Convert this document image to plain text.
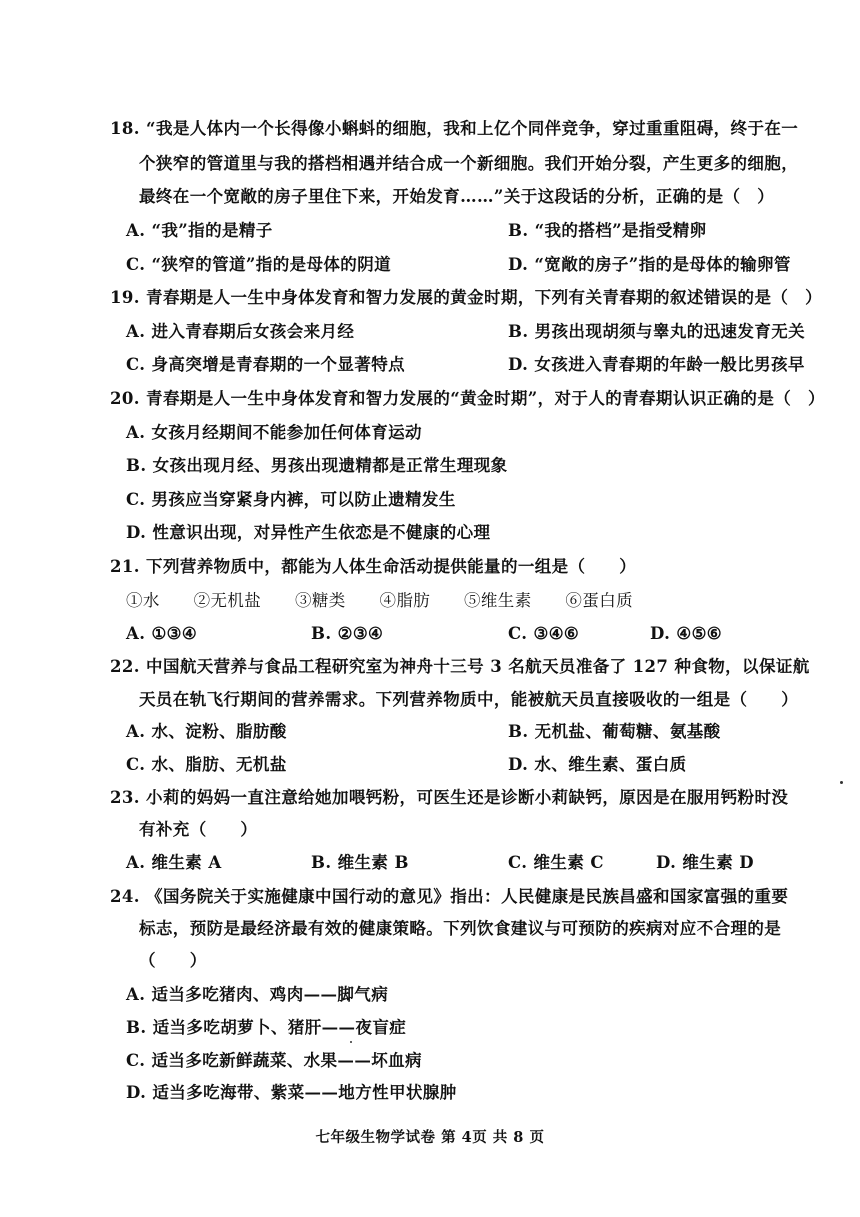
18. “我是人体内一个长得像小蝌蚪的细胞，我和上亿个同伴竞争，穿过重重阻碍，终于在一
个狭窄的管道里与我的搭档相遇并结合成一个新细胞。我们开始分裂，产生更多的细胞，
最终在一个宽敞的房子里住下来，开始发育……”关于这段话的分析，正确的是（　）
A. “我”指的是精子	B. “我的搭档”是指受精卵
C. “狭窄的管道”指的是母体的阴道	D. “宽敞的房子”指的是母体的输卵管
19. 青春期是人一生中身体发育和智力发展的黄金时期，下列有关青春期的叙述错误的是（　）
A. 进入青春期后女孩会来月经	B. 男孩出现胡须与睾丸的迅速发育无关
C. 身高突增是青春期的一个显著特点	D. 女孩进入青春期的年龄一般比男孩早
20. 青春期是人一生中身体发育和智力发展的“黄金时期”，对于人的青春期认识正确的是（　）
A. 女孩月经期间不能参加任何体育运动
B. 女孩出现月经、男孩出现遗精都是正常生理现象
C. 男孩应当穿紧身内裤，可以防止遗精发生
D. 性意识出现，对异性产生依恋是不健康的心理
21. 下列营养物质中，都能为人体生命活动提供能量的一组是（　　）
①水　　②无机盐　　③糖类　　④脂肪　　⑤维生素　　⑥蛋白质
A. ①③④	B. ②③④	C. ③④⑥	D. ④⑤⑥
22. 中国航天营养与食品工程研究室为神舟十三号 3 名航天员准备了 127 种食物，以保证航
天员在轨飞行期间的营养需求。下列营养物质中，能被航天员直接吸收的一组是（　　）
A. 水、淀粉、脂肪酸	B. 无机盐、葡萄糖、氨基酸
C. 水、脂肪、无机盐	D. 水、维生素、蛋白质
23. 小莉的妈妈一直注意给她加喂钙粉，可医生还是诊断小莉缺钙，原因是在服用钙粉时没
有补充（　　）
A. 维生素 A	B. 维生素 B	C. 维生素 C	D. 维生素 D
24. 《国务院关于实施健康中国行动的意见》指出：人民健康是民族昌盛和国家富强的重要
标志，预防是最经济最有效的健康策略。下列饮食建议与可预防的疾病对应不合理的是
（　　）
A. 适当多吃猪肉、鸡肉——脚气病
B. 适当多吃胡萝卜、猪肝——夜盲症
C. 适当多吃新鲜蔬菜、水果——坏血病
D. 适当多吃海带、紫菜——地方性甲状腺肿
七年级生物学试卷 第 4页 共 8 页
